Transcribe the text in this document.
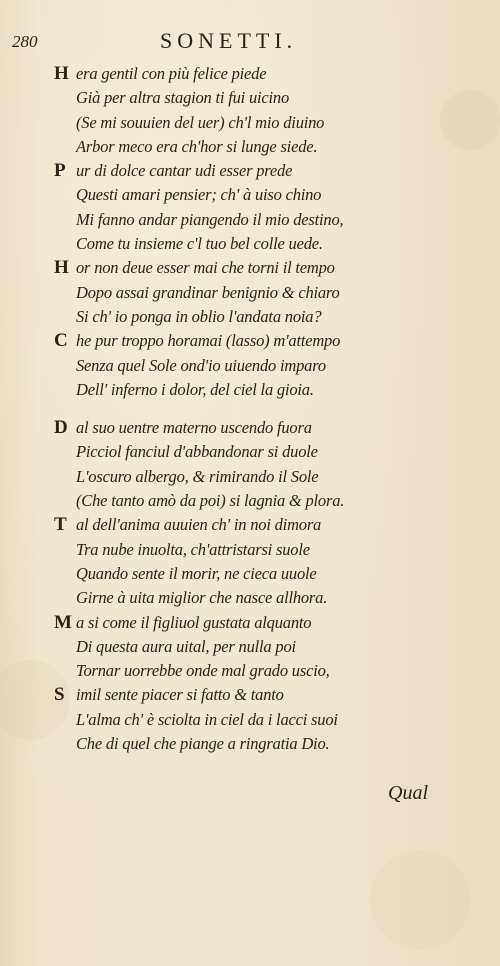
280	SONETTI.
H era gentil con più felice piede
Già per altra stagion ti fui uicino
(Se mi souuien del uer) ch'l mio diuino
Arbor meco era ch'hor si lunge siede.
P ur di dolce cantar udi esser prede
Questi amari pensier; ch' à uiso chino
Mi fanno andar piangendo il mio destino,
Come tu insieme c'l tuo bel colle uede.
H or non deue esser mai che torni il tempo
Dopo assai grandinar benignio & chiaro
Si ch' io ponga in oblio l'andata noia?
C he pur troppo horamai (lasso) m'attempo
Senza quel Sole ond'io uiuendo imparo
Dell' inferno i dolor, del ciel la gioia.
D al suo uentre materno uscendo fuora
Picciol fanciul d'abbandonar si duole
L'oscuro albergo, & rimirando il Sole
(Che tanto amò da poi) si lagnia & plora.
T al dell'anima auuien ch' in noi dimora
Tra nube inuolta, ch'attristarsi suole
Quando sente il morir, ne cieca uuole
Girne à uita miglior che nasce allhora.
M a si come il figliuol gustata alquanto
Di questa aura uital, per nulla poi
Tornar uorrebbe onde mal grado uscio,
S imil sente piacer si fatto & tanto
L'alma ch' è sciolta in ciel da i lacci suoi
Che di quel che piange a ringratia Dio.
Qual
